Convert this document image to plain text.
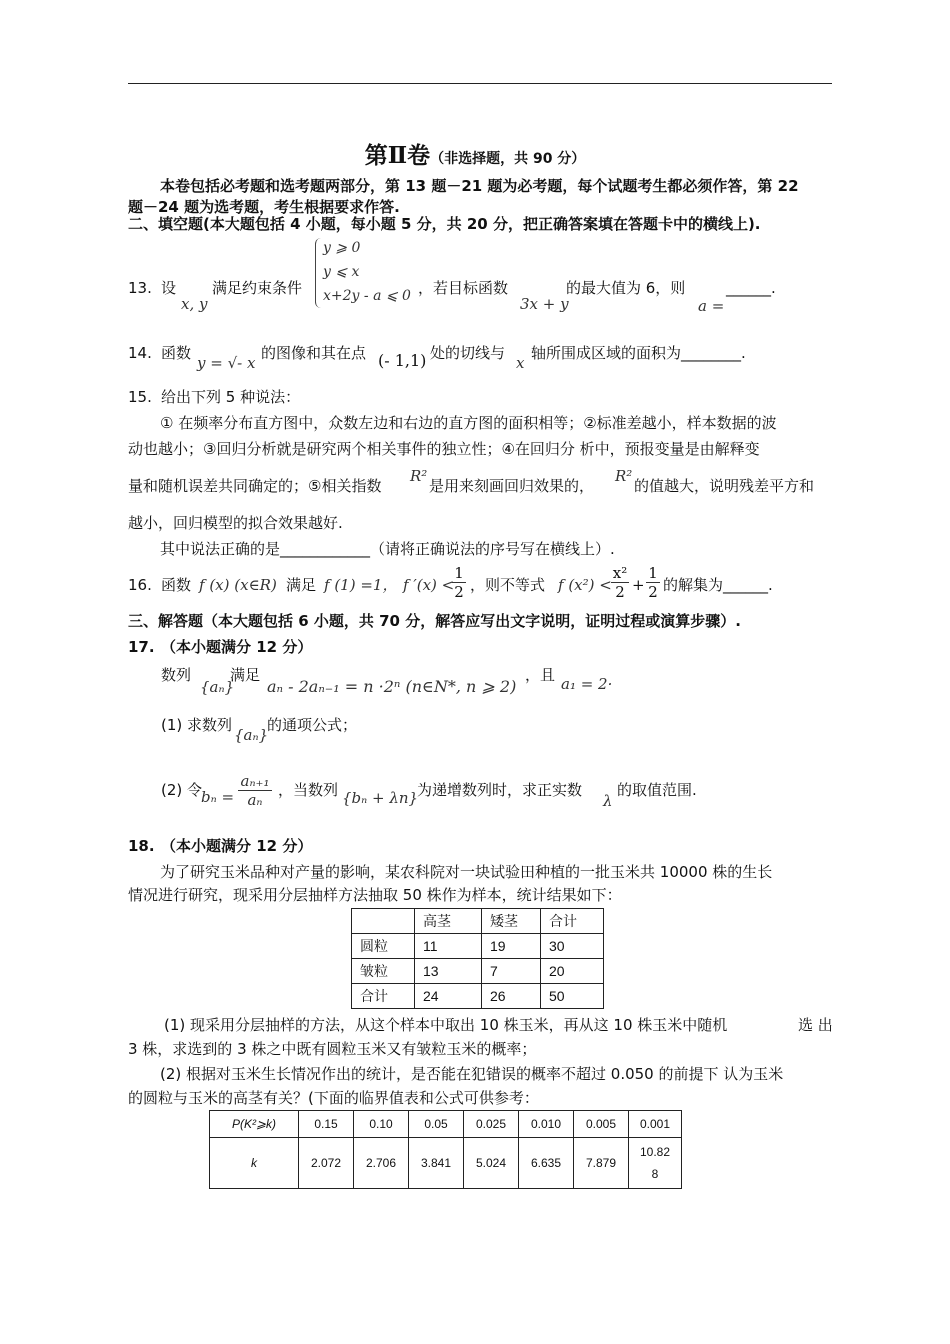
第Ⅱ卷（非选择题，共 90 分）
本卷包括必考题和选考题两部分，第 13 题－21 题为必考题，每个试题考生都必须作答，第 22
题－24 题为选考题，考生根据要求作答.
二、填空题(本大题包括 4 小题，每小题 5 分，共 20 分，把正确答案填在答题卡中的横线上).
13. 设
x, y
满足约束条件
y ⩾ 0
y ⩽ x
x+2y - a ⩽ 0 ，若目标函数
3x + y
的最大值为 6，则
a =
______.
14. 函数
y = √- x
的图像和其在点 (- 1,1) 处的切线与
x
轴所围成区域的面积为________.
15. 给出下列 5 种说法：
① 在频率分布直方图中，众数左边和右边的直方图的面积相等；②标准差越小，样本数据的波
动也越小；③回归分析就是研究两个相关事件的独立性；④在回归分 析中，预报变量是由解释变
量和随机误差共同确定的；⑤相关指数
R²
是用来刻画回归效果的，
R²
的值越大，说明残差平方和
越小，回归模型的拟合效果越好.
其中说法正确的是____________（请将正确说法的序号写在横线上）.
16. 函数 f (x) (x∈R) 满足 f (1) =1， f ′(x) <
$\frac{1}{2}$ ，则不等式 f $(x^2) < \frac{\text{x²}}{2} + \frac{1}{2}$ 的解集为______.
三、解答题（本大题包括 6 小题，共 70 分，解答应写出文字说明，证明过程或演算步骤）.
17. （本小题满分 12 分）
数列
{aₙ}
满足
aₙ - 2aₙ₋₁ = n ·2ⁿ (n∈N*, n ⩾ 2)
，且 a₁ = 2·
(1) 求数列
{aₙ}
的通项公式；
(2) 令
$b_n = \frac{\text{aₙ₊₁}}{\text{aₙ}}$ ，当数列 {bₙ + λn}
为递增数列时，求正实数
λ
的取值范围.
18. （本小题满分 12 分）
为了研究玉米品种对产量的影响，某农科院对一块试验田种植的一批玉米共 10000 株的生长
情况进行研究，现采用分层抽样方法抽取 50 株作为样本，统计结果如下：
	高茎	矮茎	合计
圆粒	11	19	30
皱粒	13	7	20
合计	24	26	50
(1) 现采用分层抽样的方法，从这个样本中取出 10 株玉米，再从这 10 株玉米中随机	选 出
3 株，求选到的 3 株之中既有圆粒玉米又有皱粒玉米的概率；
(2) 根据对玉米生长情况作出的统计，是否能在犯错误的概率不超过 0.050 的前提下 认为玉米
的圆粒与玉米的高茎有关？(下面的临界值表和公式可供参考：
P(K²⩾k)	0.15	0.10	0.05	0.025	0.010	0.005	0.001
k	2.072	2.706	3.841	5.024	6.635	7.879	10.82
8
